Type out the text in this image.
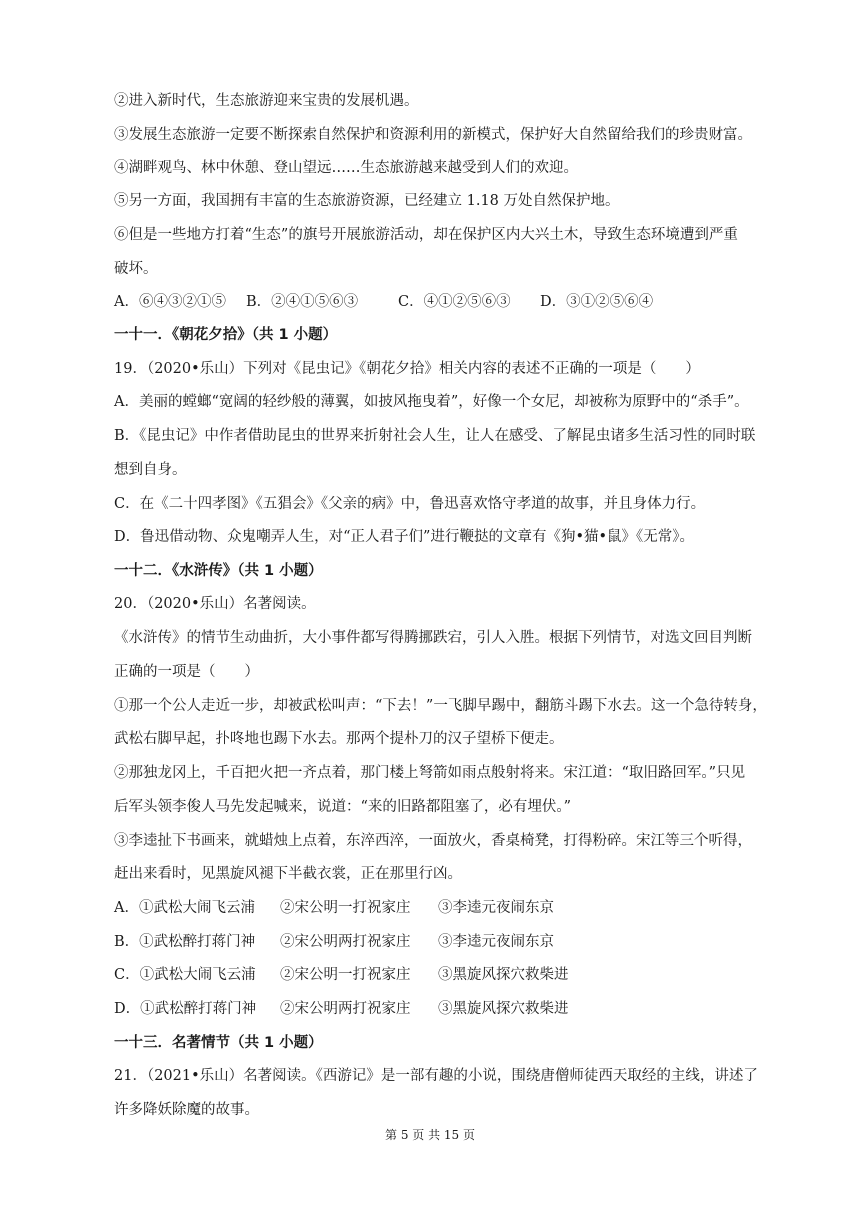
②进入新时代，生态旅游迎来宝贵的发展机遇。
③发展生态旅游一定要不断探索自然保护和资源利用的新模式，保护好大自然留给我们的珍贵财富。
④湖畔观鸟、林中休憩、登山望远……生态旅游越来越受到人们的欢迎。
⑤另一方面，我国拥有丰富的生态旅游资源，已经建立 1.18 万处自然保护地。
⑥但是一些地方打着“生态”的旗号开展旅游活动，却在保护区内大兴土木，导致生态环境遭到严重
破坏。
A．⑥④③②①⑤ B．②④①⑤⑥③	C．④①②⑤⑥③ D．③①②⑤⑥④
一十一．《朝花夕拾》（共 1 小题）
19．（2020•乐山）下列对《昆虫记》《朝花夕拾》相关内容的表述不正确的一项是（　　）
A．美丽的螳螂“宽阔的轻纱般的薄翼，如披风拖曳着”，好像一个女尼，却被称为原野中的“杀手”。
B．《昆虫记》中作者借助昆虫的世界来折射社会人生，让人在感受、了解昆虫诸多生活习性的同时联
想到自身。
C．在《二十四孝图》《五猖会》《父亲的病》中，鲁迅喜欢恪守孝道的故事，并且身体力行。
D．鲁迅借动物、众鬼嘲弄人生，对“正人君子们”进行鞭挞的文章有《狗•猫•鼠》《无常》。
一十二．《水浒传》（共 1 小题）
20．（2020•乐山）名著阅读。
《水浒传》的情节生动曲折，大小事件都写得腾挪跌宕，引人入胜。根据下列情节，对选文回目判断
正确的一项是（　　）
①那一个公人走近一步，却被武松叫声：“下去！”一飞脚早踢中，翻筋斗踢下水去。这一个急待转身，
武松右脚早起，扑咚地也踢下水去。那两个提朴刀的汉子望桥下便走。
②那独龙冈上，千百把火把一齐点着，那门楼上弩箭如雨点般射将来。宋江道：“取旧路回军。”只见
后军头领李俊人马先发起喊来，说道：“来的旧路都阻塞了，必有埋伏。”
③李逵扯下书画来，就蜡烛上点着，东淬西淬，一面放火，香桌椅凳，打得粉碎。宋江等三个听得，
赶出来看时，见黑旋风褪下半截衣裳，正在那里行凶。
A．①武松大闹飞云浦 ②宋公明一打祝家庄 ③李逵元夜闹东京
B．①武松醉打蒋门神 ②宋公明两打祝家庄 ③李逵元夜闹东京
C．①武松大闹飞云浦 ②宋公明一打祝家庄 ③黑旋风探穴救柴进
D．①武松醉打蒋门神 ②宋公明两打祝家庄 ③黑旋风探穴救柴进
一十三．名著情节（共 1 小题）
21．（2021•乐山）名著阅读。《西游记》是一部有趣的小说，围绕唐僧师徒西天取经的主线，讲述了
许多降妖除魔的故事。
第 5 页 共 15 页
